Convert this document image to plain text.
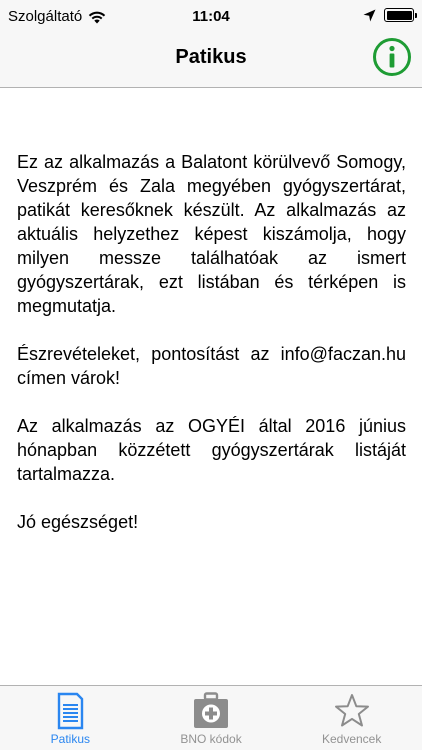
Szolgáltató	11:04
Patikus

Ez az alkalmazás a Balatont körülvevő Somogy, Veszprém és Zala megyében gyógyszertárat, patikát keresőknek készült. Az alkalmazás az aktuális helyzethez képest kiszámolja, hogy milyen messze találhatóak az ismert gyógyszertárak, ezt listában és térképen is megmutatja.

Észrevételeket, pontosítást az info@faczan.hu címen várok!

Az alkalmazás az OGYÉI által 2016 június hónapban közzétett gyógyszertárak listáját tartalmazza.

Jó egészséget!

Patikus	BNO kódok	Kedvencek
